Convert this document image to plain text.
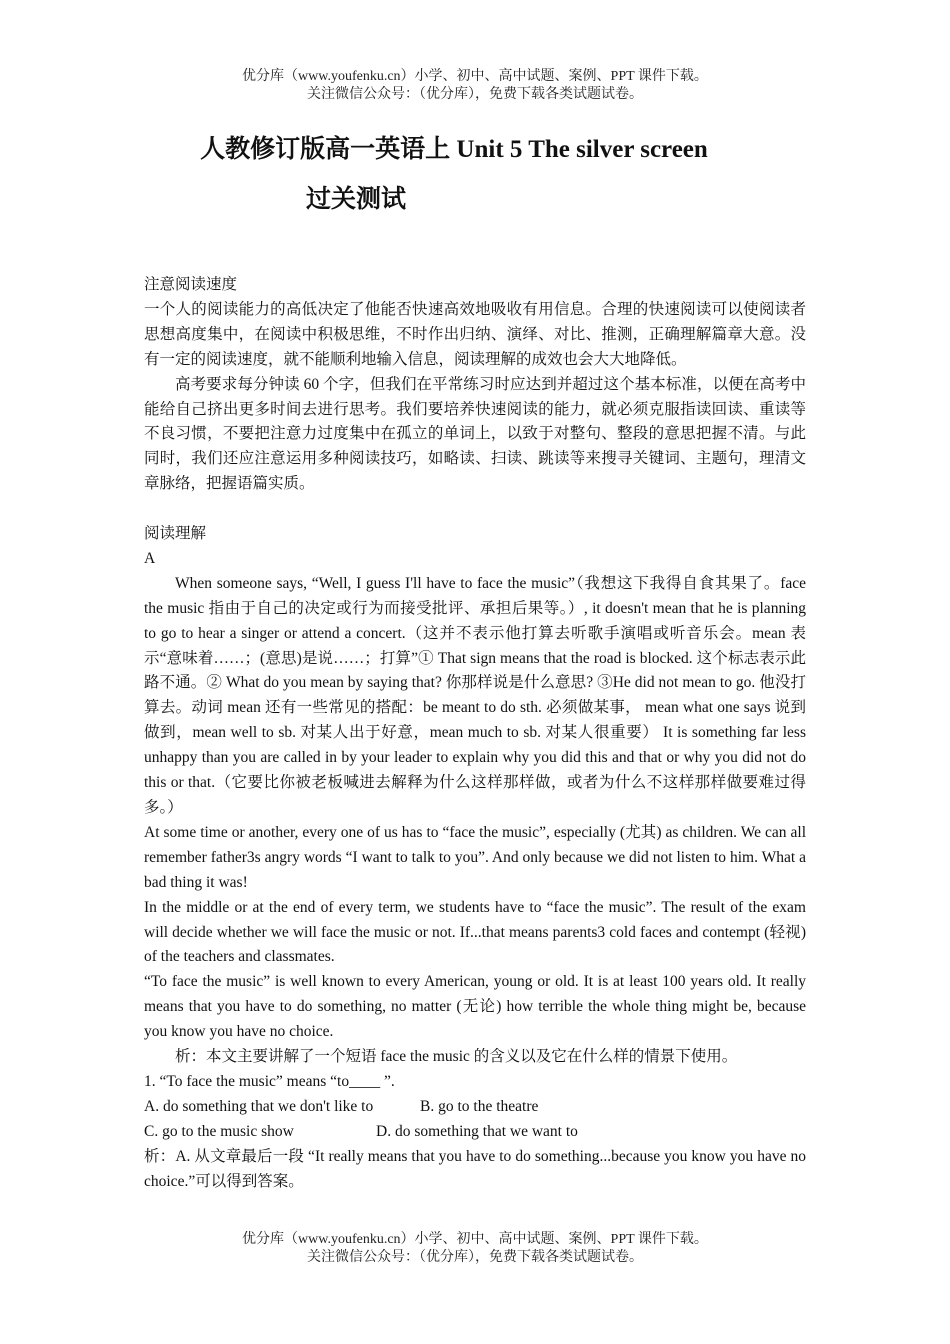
优分库（www.youfenku.cn）小学、初中、高中试题、案例、PPT 课件下载。
关注微信公众号：（优分库），免费下载各类试题试卷。
人教修订版高一英语上 Unit 5 The silver screen
过关测试

注意阅读速度

一个人的阅读能力的高低决定了他能否快速高效地吸收有用信息。合理的快速阅读可以使阅读者思想高度集中，在阅读中积极思维，不时作出归纳、演绎、对比、推测，正确理解篇章大意。没有一定的阅读速度，就不能顺利地输入信息，阅读理解的成效也会大大地降低。

高考要求每分钟读 60 个字，但我们在平常练习时应达到并超过这个基本标准，以便在高考中能给自己挤出更多时间去进行思考。我们要培养快速阅读的能力，就必须克服指读回读、重读等不良习惯，不要把注意力过度集中在孤立的单词上，以致于对整句、整段的意思把握不清。与此同时，我们还应注意运用多种阅读技巧，如略读、扫读、跳读等来搜寻关键词、主题句，理清文章脉络，把握语篇实质。

阅读理解

A

When someone says, “Well, I guess I'll have to face the music”（我想这下我得自食其果了。face the music 指由于自己的决定或行为而接受批评、承担后果等。）, it doesn't mean that he is planning to go to hear a singer or attend a concert.（这并不表示他打算去听歌手演唱或听音乐会。mean 表示“意味着……；(意思)是说……；打算”① That sign means that the road is blocked. 这个标志表示此路不通。② What do you mean by saying that? 你那样说是什么意思? ③He did not mean to go. 他没打算去。动词 mean 还有一些常见的搭配：be meant to do sth. 必须做某事， mean what one says 说到做到，mean well to sb. 对某人出于好意，mean much to sb. 对某人很重要） It is something far less unhappy than you are called in by your leader to explain why you did this and that or why you did not do this or that.（它要比你被老板喊进去解释为什么这样那样做，或者为什么不这样那样做要难过得多。）

At some time or another, every one of us has to “face the music”, especially (尤其) as children. We can all remember father3s angry words “I want to talk to you”. And only because we did not listen to him. What a bad thing it was!

In the middle or at the end of every term, we students have to “face the music”. The result of the exam will decide whether we will face the music or not. If...that means parents3 cold faces and contempt (轻视) of the teachers and classmates.

“To face the music” is well known to every American, young or old. It is at least 100 years old. It really means that you have to do something, no matter (无论) how terrible the whole thing might be, because you know you have no choice.

析：本文主要讲解了一个短语 face the music 的含义以及它在什么样的情景下使用。

1. “To face the music” means “to____ ”.

A. do something that we don't like to	B. go to the theatre

C. go to the music show	D. do something that we want to

析：A. 从文章最后一段 “It really means that you have to do something...because you know you have no choice.”可以得到答案。

优分库（www.youfenku.cn）小学、初中、高中试题、案例、PPT 课件下载。
关注微信公众号：（优分库），免费下载各类试题试卷。
